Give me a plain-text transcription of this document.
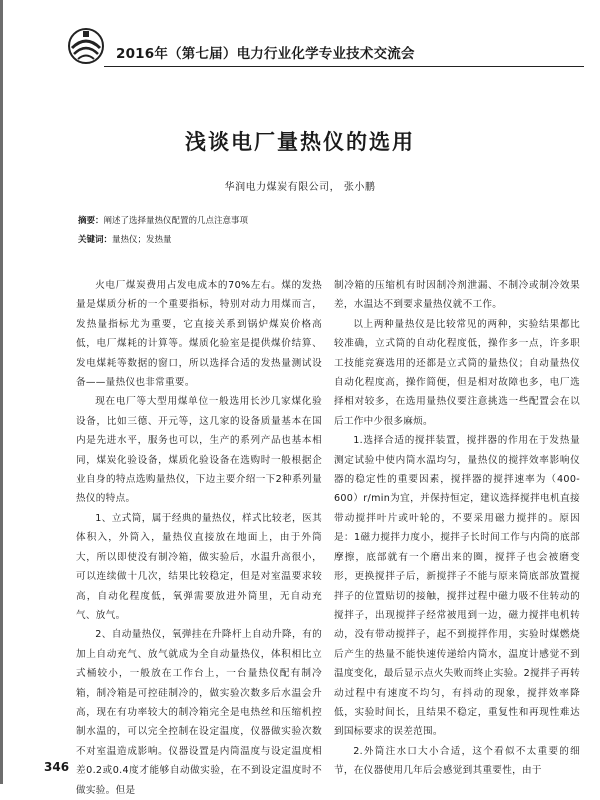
2016年（第七届）电力行业化学专业技术交流会
浅谈电厂量热仪的选用
华润电力煤炭有限公司， 张小鹏
摘要：阐述了选择量热仪配置的几点注意事项
关键词：量热仪；发热量

火电厂煤炭费用占发电成本的70%左右。煤的发热量是煤质分析的一个重要指标，特别对动力用煤而言，发热量指标尤为重要，它直接关系到锅炉煤炭价格高低，电厂煤耗的计算等。煤质化验室是提供煤价结算、发电煤耗等数据的窗口，所以选择合适的发热量测试设备——量热仪也非常重要。

现在电厂等大型用煤单位一般选用长沙几家煤化验设备，比如三德、开元等，这几家的设备质量基本在国内是先进水平，服务也可以，生产的系列产品也基本相同，煤炭化验设备，煤质化验设备在选购时一般根据企业自身的特点选购量热仪，下边主要介绍一下2种系列量热仪的特点。

1、立式筒，属于经典的量热仪，样式比较老，医其体积入，外筒入，量热仪直接放在地面上，由于外筒大，所以即使没有制冷箱，做实验后，水温升高很小，可以连续做十几次，结果比较稳定，但是对室温要求较高，自动化程度低，氧弹需要放进外筒里，无自动充气、放气。

2、自动量热仪，氧弹挂在升降杆上自动升降，有的加上自动充气、放气就成为全自动量热仪，体积相比立式桶较小，一般放在工作台上，一台量热仪配有制冷箱，制冷箱是可控硅制冷的，做实验次数多后水温会升高，现在有功率较大的制冷箱完全是电热丝和压缩机控制水温的，可以完全控制在设定温度，仪器做实验次数不对室温造成影响。仪器设置是内筒温度与设定温度相差0.2或0.4度才能够自动做实验，在不到设定温度时不做实验。但是

制冷箱的压缩机有时因制冷剂泄漏、不制冷或制冷效果差，水温达不到要求量热仪就不工作。

以上两种量热仪是比较常见的两种，实验结果都比较准确，立式筒的自动化程度低，操作多一点，许多职工技能竞赛选用的还都是立式筒的量热仪；自动量热仪自动化程度高，操作简便，但是相对故障也多，电厂选择相对较多，在选用量热仪要注意挑选一些配置会在以后工作中少很多麻烦。

1.选择合适的搅拌装置，搅拌器的作用在于发热量测定试验中使内筒水温均匀，量热仪的搅拌效率影响仪器的稳定性的重要因素，搅拌器的搅拌速率为（400-600）r/min为宜，并保持恒定，建议选择搅拌电机直接带动搅拌叶片或叶轮的，不要采用磁力搅拌的。原因是：1磁力搅拌力度小，搅拌子长时间工作与内筒的底部摩擦，底部就有一个磨出来的圈，搅拌子也会被磨变形，更换搅拌子后，新搅拌子不能与原来筒底部放置搅拌子的位置贴切的接触，搅拌过程中磁力吸不住转动的搅拌子，出现搅拌子经常被甩到一边，磁力搅拌电机转动，没有带动搅拌子，起不到搅拌作用，实验时煤燃烧后产生的热量不能快速传递给内筒水，温度计感觉不到温度变化，最后显示点火失败而终止实验。2搅拌子再转动过程中有速度不均匀，有抖动的现象，搅拌效率降低，实验时间长，且结果不稳定，重复性和再现性难达到国标要求的误差范围。

2.外筒注水口大小合适，这个看似不太重要的细节，在仪器使用几年后会感觉到其重要性，由于

346
